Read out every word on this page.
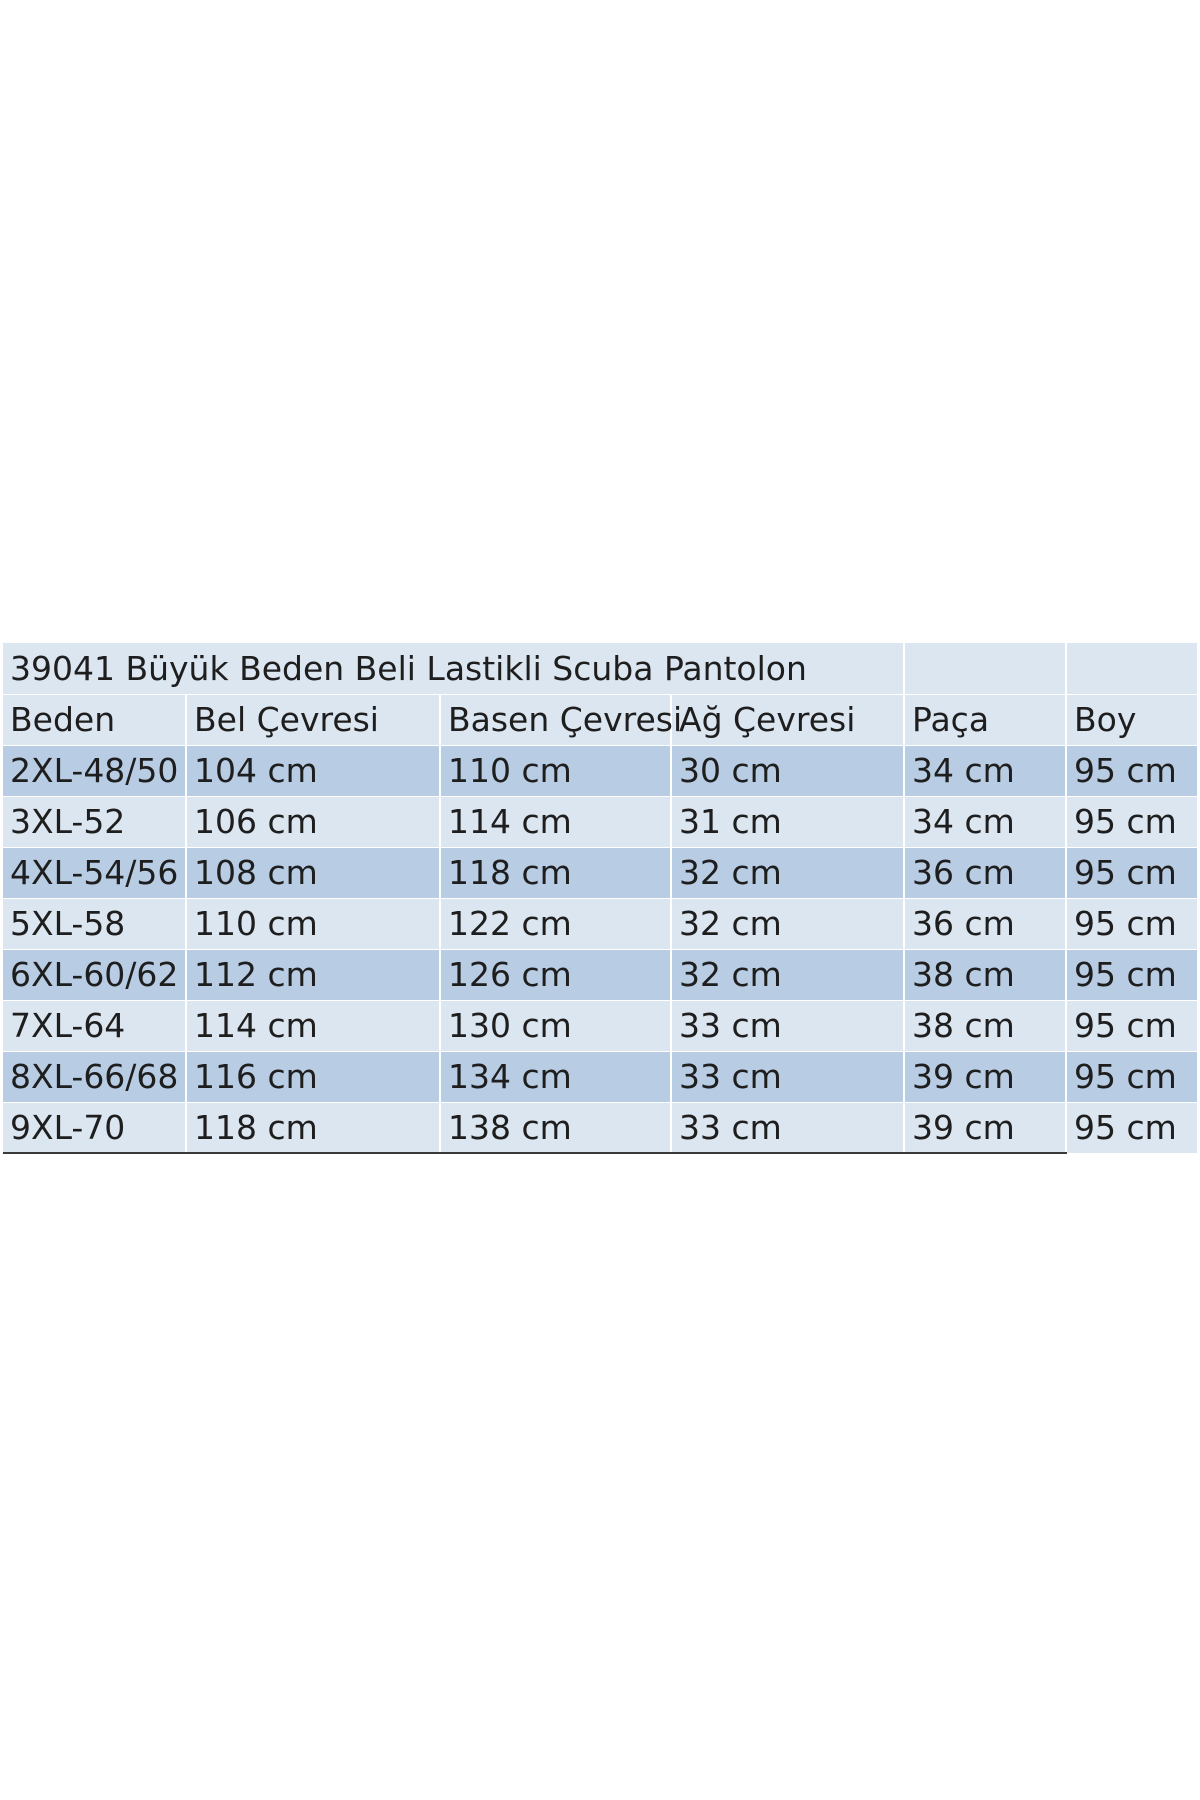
39041 Büyük Beden Beli Lastikli Scuba Pantolon					
Beden	Bel Çevresi	Basen Çevresi	Ağ Çevresi	Paça	Boy
2XL-48/50	104 cm	110 cm	30 cm	34 cm	95 cm
3XL-52	106 cm	114 cm	31 cm	34 cm	95 cm
4XL-54/56	108 cm	118 cm	32 cm	36 cm	95 cm
5XL-58	110 cm	122 cm	32 cm	36 cm	95 cm
6XL-60/62	112 cm	126 cm	32 cm	38 cm	95 cm
7XL-64	114 cm	130 cm	33 cm	38 cm	95 cm
8XL-66/68	116 cm	134 cm	33 cm	39 cm	95 cm
9XL-70	118 cm	138 cm	33 cm	39 cm	95 cm
